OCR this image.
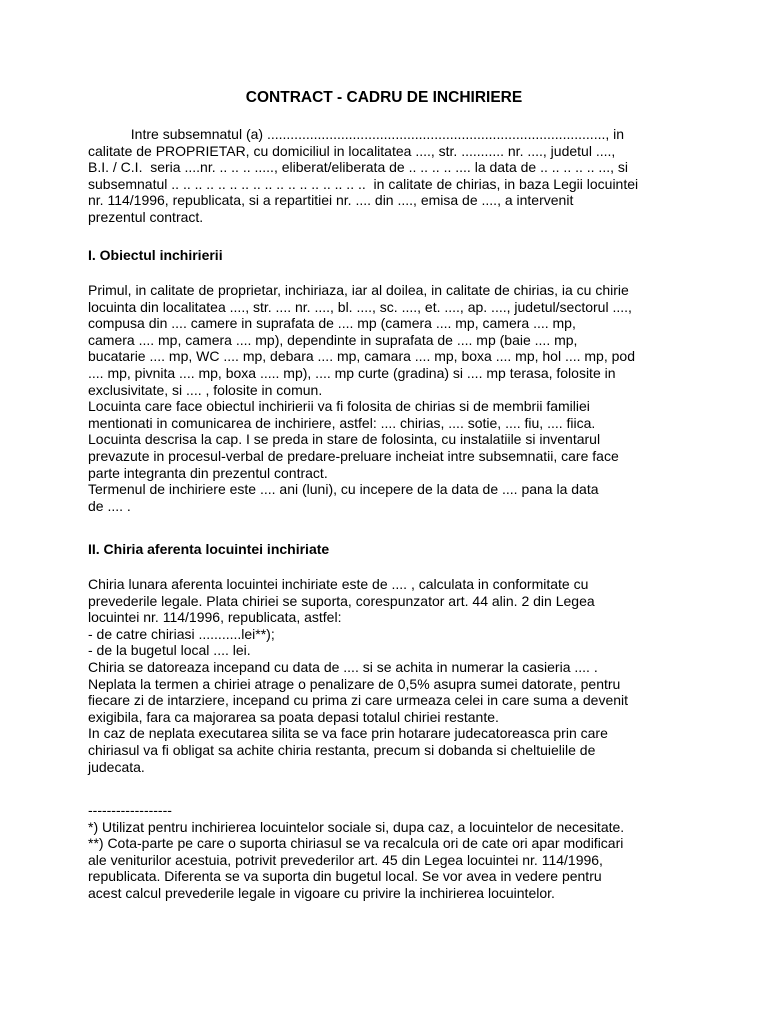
CONTRACT - CADRU DE INCHIRIERE
Intre subsemnatul (a) ......................................................................................., in
calitate de PROPRIETAR, cu domiciliul in localitatea ...., str. ........... nr. ...., judetul ....,
B.I. / C.I.  seria ....nr. .. .. .. ....., eliberat/eliberata de .. .. .. .. .... la data de .. .. .. .. .. ..., si
subsemnatul .. .. .. .. .. .. .. .. .. .. .. .. .. .. .. .. ..  in calitate de chirias, in baza Legii locuintei
nr. 114/1996, republicata, si a repartitiei nr. .... din ...., emisa de ...., a intervenit
prezentul contract.
I. Obiectul inchirierii
Primul, in calitate de proprietar, inchiriaza, iar al doilea, in calitate de chirias, ia cu chirie
locuinta din localitatea ...., str. .... nr. ...., bl. ...., sc. ...., et. ...., ap. ...., judetul/sectorul ....,
compusa din .... camere in suprafata de .... mp (camera .... mp, camera .... mp,
camera .... mp, camera .... mp), dependinte in suprafata de .... mp (baie .... mp,
bucatarie .... mp, WC .... mp, debara .... mp, camara .... mp, boxa .... mp, hol .... mp, pod
.... mp, pivnita .... mp, boxa ..... mp), .... mp curte (gradina) si .... mp terasa, folosite in
exclusivitate, si .... , folosite in comun.
Locuinta care face obiectul inchirierii va fi folosita de chirias si de membrii familiei
mentionati in comunicarea de inchiriere, astfel: .... chirias, .... sotie, .... fiu, .... fiica.
Locuinta descrisa la cap. I se preda in stare de folosinta, cu instalatiile si inventarul
prevazute in procesul-verbal de predare-preluare incheiat intre subsemnatii, care face
parte integranta din prezentul contract.
Termenul de inchiriere este .... ani (luni), cu incepere de la data de .... pana la data
de .... .
II. Chiria aferenta locuintei inchiriate
Chiria lunara aferenta locuintei inchiriate este de .... , calculata in conformitate cu
prevederile legale. Plata chiriei se suporta, corespunzator art. 44 alin. 2 din Legea
locuintei nr. 114/1996, republicata, astfel:
- de catre chiriasi ...........lei**);
- de la bugetul local .... lei.
Chiria se datoreaza incepand cu data de .... si se achita in numerar la casieria .... .
Neplata la termen a chiriei atrage o penalizare de 0,5% asupra sumei datorate, pentru
fiecare zi de intarziere, incepand cu prima zi care urmeaza celei in care suma a devenit
exigibila, fara ca majorarea sa poata depasi totalul chiriei restante.
In caz de neplata executarea silita se va face prin hotarare judecatoreasca prin care
chiriasul va fi obligat sa achite chiria restanta, precum si dobanda si cheltuielile de
judecata.
------------------
*) Utilizat pentru inchirierea locuintelor sociale si, dupa caz, a locuintelor de necesitate.
**) Cota-parte pe care o suporta chiriasul se va recalcula ori de cate ori apar modificari
ale veniturilor acestuia, potrivit prevederilor art. 45 din Legea locuintei nr. 114/1996,
republicata. Diferenta se va suporta din bugetul local. Se vor avea in vedere pentru
acest calcul prevederile legale in vigoare cu privire la inchirierea locuintelor.
